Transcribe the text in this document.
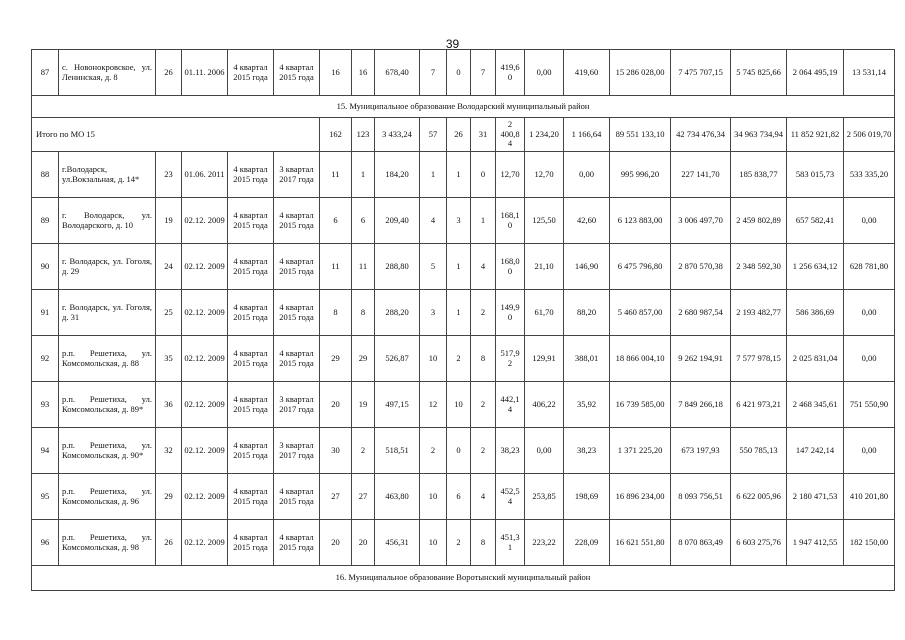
39
87	с. Новонокровское, ул. Ленинская, д. 8	26	01.11. 2006	4 квартал 2015 года	4 квартал 2015 года	16	16	678,40	7	0	7	419,6 0	0,00	419,60	15 286 028,00	7 475 707,15	5 745 825,66	2 064 495,19	13 531,14
15. Муниципальное образование Володарский муниципальный район																			
Итого по МО 15						162	123	3 433,24	57	26	31	2 400,8 4	1 234,20	1 166,64	89 551 133,10	42 734 476,34	34 963 734,94	11 852 921,82	2 506 019,70
88	г.Володарск, ул.Вокзальная, д. 14*	23	01.06. 2011	4 квартал 2015 года	3 квартал 2017 года	11	1	184,20	1	1	0	12,70	12,70	0,00	995 996,20	227 141,70	185 838,77	583 015,73	533 335,20
89	г. Володарск, ул. Володарского, д. 10	19	02.12. 2009	4 квартал 2015 года	4 квартал 2015 года	6	6	209,40	4	3	1	168,1 0	125,50	42,60	6 123 883,00	3 006 497,70	2 459 802,89	657 582,41	0,00
90	г. Володарск, ул. Гоголя, д. 29	24	02.12. 2009	4 квартал 2015 года	4 квартал 2015 года	11	11	288,80	5	1	4	168,0 0	21,10	146,90	6 475 796,80	2 870 570,38	2 348 592,30	1 256 634,12	628 781,80
91	г. Володарск, ул. Гоголя, д. 31	25	02.12. 2009	4 квартал 2015 года	4 квартал 2015 года	8	8	288,20	3	1	2	149,9 0	61,70	88,20	5 460 857,00	2 680 987,54	2 193 482,77	586 386,69	0,00
92	р.п. Решетиха, ул. Комсомольская, д. 88	35	02.12. 2009	4 квартал 2015 года	4 квартал 2015 года	29	29	526,87	10	2	8	517,9 2	129,91	388,01	18 866 004,10	9 262 194,91	7 577 978,15	2 025 831,04	0,00
93	р.п. Решетиха, ул. Комсомольская, д. 89*	36	02.12. 2009	4 квартал 2015 года	3 квартал 2017 года	20	19	497,15	12	10	2	442,1 4	406,22	35,92	16 739 585,00	7 849 266,18	6 421 973,21	2 468 345,61	751 550,90
94	р.п. Решетиха, ул. Комсомольская, д. 90*	32	02.12. 2009	4 квартал 2015 года	3 квартал 2017 года	30	2	518,51	2	0	2	38,23	0,00	38,23	1 371 225,20	673 197,93	550 785,13	147 242,14	0,00
95	р.п. Решетиха, ул. Комсомольская, д. 96	29	02.12. 2009	4 квартал 2015 года	4 квартал 2015 года	27	27	463,80	10	6	4	452,5 4	253,85	198,69	16 896 234,00	8 093 756,51	6 622 005,96	2 180 471,53	410 201,80
96	р.п. Решетиха, ул. Комсомольская, д. 98	26	02.12. 2009	4 квартал 2015 года	4 квартал 2015 года	20	20	456,31	10	2	8	451,3 1	223,22	228,09	16 621 551,80	8 070 863,49	6 603 275,76	1 947 412,55	182 150,00
16. Муниципальное образование Воротынский муниципальный район																			
